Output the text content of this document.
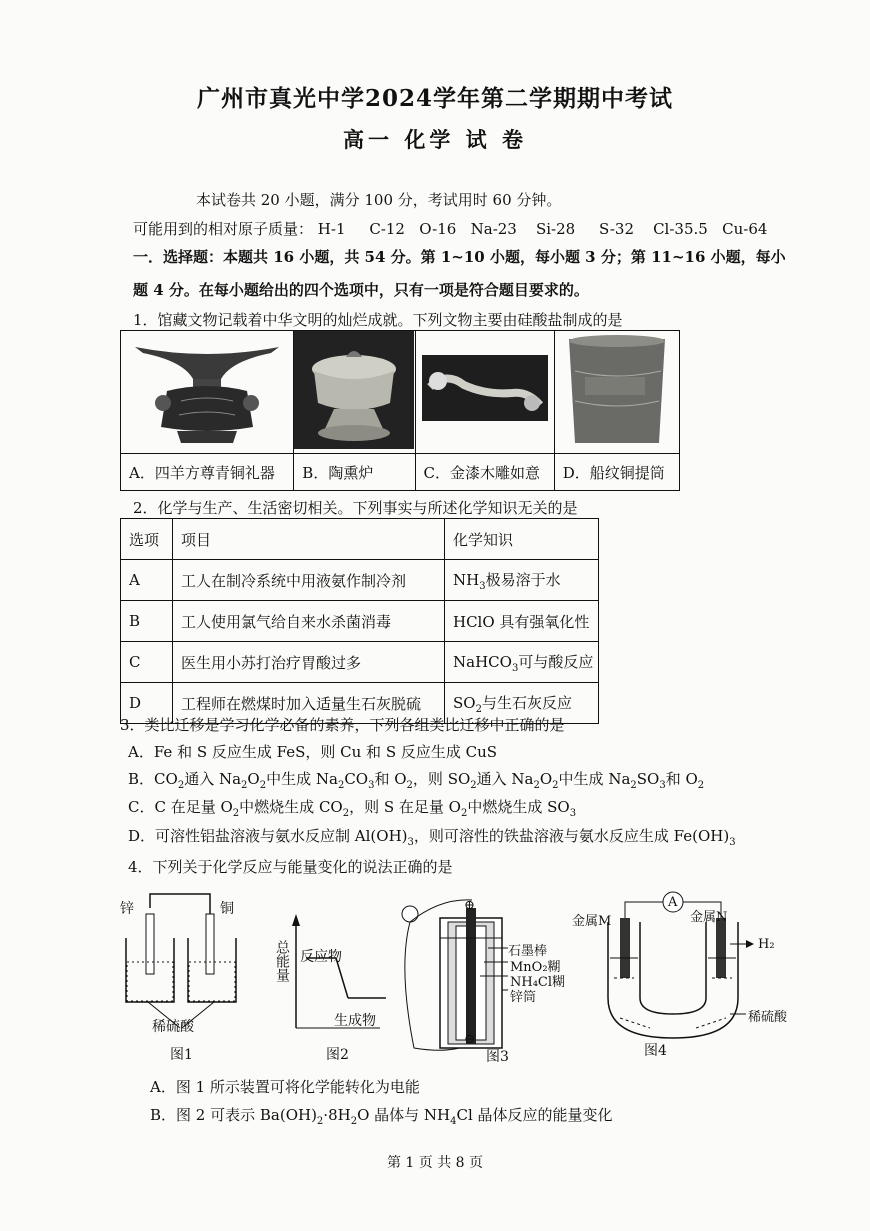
广州市真光中学2024学年第二学期期中考试
高一 化学 试 卷
本试卷共 20 小题，满分 100 分，考试用时 60 分钟。
可能用到的相对原子质量： H-1 C-12 O-16 Na-23 Si-28 S-32 Cl-35.5 Cu-64
一．选择题：本题共 16 小题，共 54 分。第 1~10 小题，每小题 3 分；第 11~16 小题，每小
题 4 分。在每小题给出的四个选项中，只有一项是符合题目要求的。
1．馆藏文物记载着中华文明的灿烂成就。下列文物主要由硅酸盐制成的是

A．四羊方尊青铜礼器	B．陶熏炉	C．金漆木雕如意	D．船纹铜提筒
2．化学与生产、生活密切相关。下列事实与所述化学知识无关的是
选项	项目	化学知识
A	工人在制冷系统中用液氨作制冷剂	$NH_3$极易溶于水
B	工人使用氯气给自来水杀菌消毒	HClO 具有强氧化性
C	医生用小苏打治疗胃酸过多	NaHCO$_3$可与酸反应
D	工程师在燃煤时加入适量生石灰脱硫	$SO_2$与生石灰反应
3．类比迁移是学习化学必备的素养，下列各组类比迁移中正确的是
A．Fe 和 S 反应生成 FeS，则 Cu 和 S 反应生成 CuS
B．$CO_2$通入 $Na_2O_2$中生成 $Na_2CO_3$和 $O_2$，则 $SO_2$通入 $Na_2O_2$中生成 $Na_2SO_3$和 $O_2$
C．C 在足量 $O_2$中燃烧生成 $CO_2$，则 S 在足量 $O_2$中燃烧生成 $SO_3$
D．可溶性铝盐溶液与氨水反应制 $Al(OH)_3$，则可溶性的铁盐溶液与氨水反应生成 $Fe(OH)_3$
4．下列关于化学反应与能量变化的说法正确的是
锌	铜
稀硫酸
图1
总能量 反应物
生成物
图2
⊕
⊖
石墨棒
MnO₂糊
NH₄Cl糊
锌筒
图3
A
金属M	金属N
H₂
稀硫酸
图4
A．图 1 所示装置可将化学能转化为电能
B．图 2 可表示 $Ba(OH)_2\cdot 8H_2O$ 晶体与 $NH_4Cl$ 晶体反应的能量变化
第 1 页 共 8 页
